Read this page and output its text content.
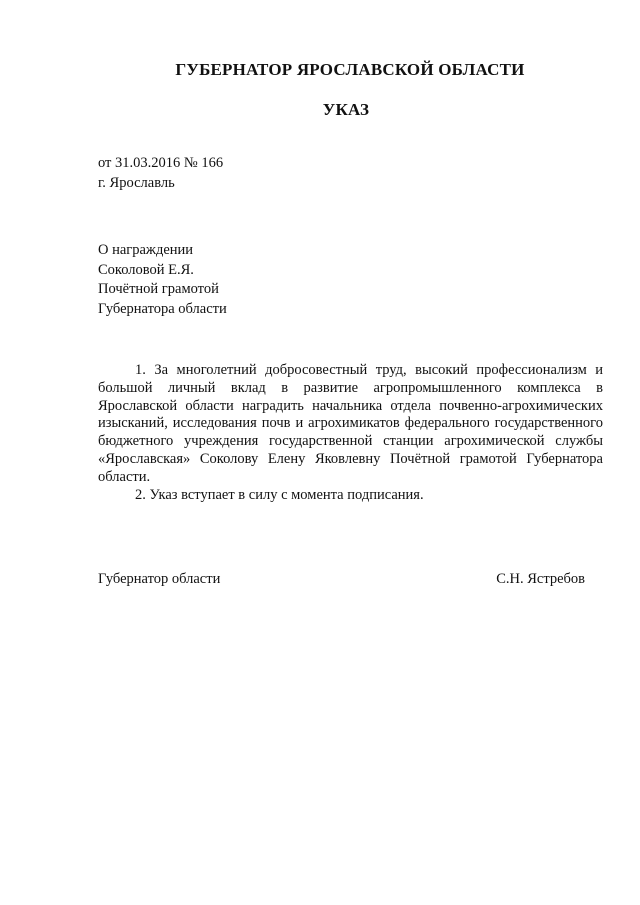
ГУБЕРНАТОР ЯРОСЛАВСКОЙ ОБЛАСТИ
УКАЗ
от 31.03.2016 № 166
г. Ярославль
О награждении
Соколовой Е.Я.
Почётной грамотой
Губернатора области

1. За многолетний добросовестный труд, высокий профессионализм и большой личный вклад в развитие агропромышленного комплекса в Ярославской области наградить начальника отдела почвенно-агрохимических изысканий, исследования почв и агрохимикатов федерального государственного бюджетного учреждения государственной станции агрохимической службы «Ярославская» Соколову Елену Яковлевну Почётной грамотой Губернатора области.

2. Указ вступает в силу с момента подписания.

Губернатор области	С.Н. Ястребов
